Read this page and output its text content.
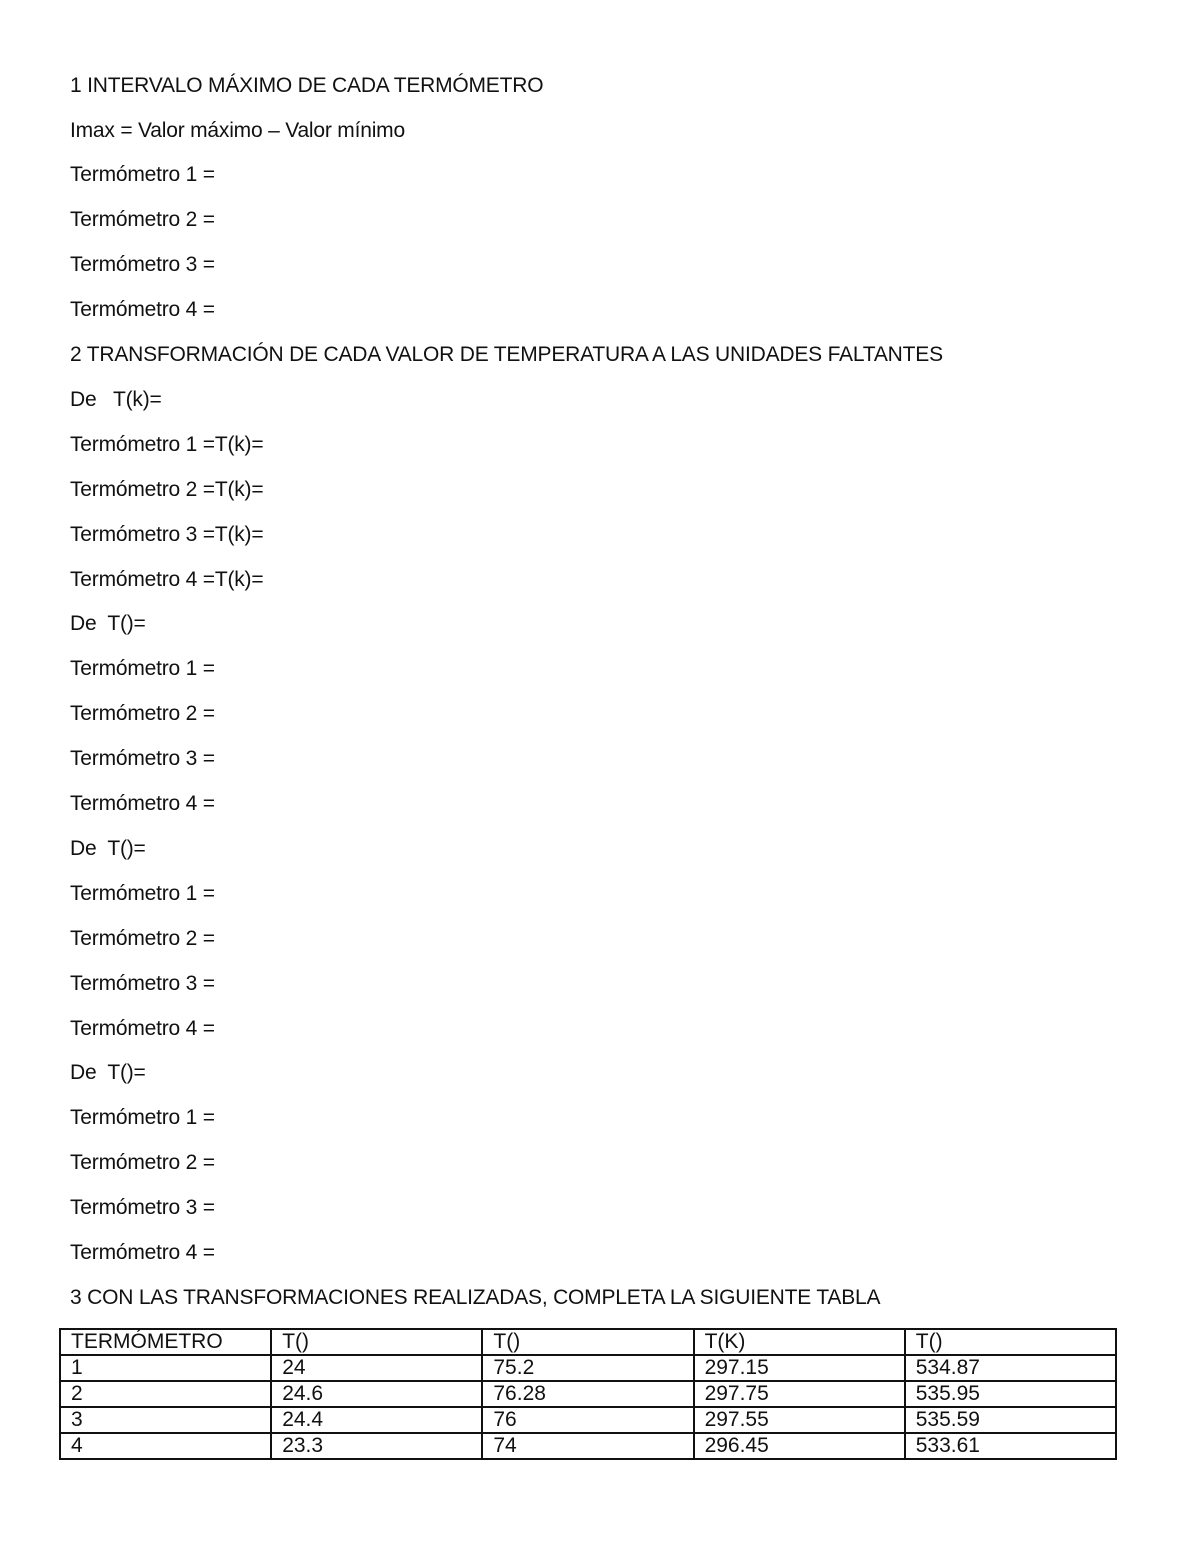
1 INTERVALO MÁXIMO DE CADA TERMÓMETRO
Imax = Valor máximo – Valor mínimo
Termómetro 1 =
Termómetro 2 =
Termómetro 3 =
Termómetro 4 =
2 TRANSFORMACIÓN DE CADA VALOR DE TEMPERATURA A LAS UNIDADES FALTANTES
De   T(k)=
Termómetro 1 =T(k)=
Termómetro 2 =T(k)=
Termómetro 3 =T(k)=
Termómetro 4 =T(k)=
De  T()=
Termómetro 1 =
Termómetro 2 =
Termómetro 3 =
Termómetro 4 =
De  T()=
Termómetro 1 =
Termómetro 2 =
Termómetro 3 =
Termómetro 4 =
De  T()=
Termómetro 1 =
Termómetro 2 =
Termómetro 3 =
Termómetro 4 =
3 CON LAS TRANSFORMACIONES REALIZADAS, COMPLETA LA SIGUIENTE TABLA
TERMÓMETRO	T()	T()	T(K)	T()
1	24	75.2	297.15	534.87
2	24.6	76.28	297.75	535.95
3	24.4	76	297.55	535.59
4	23.3	74	296.45	533.61
